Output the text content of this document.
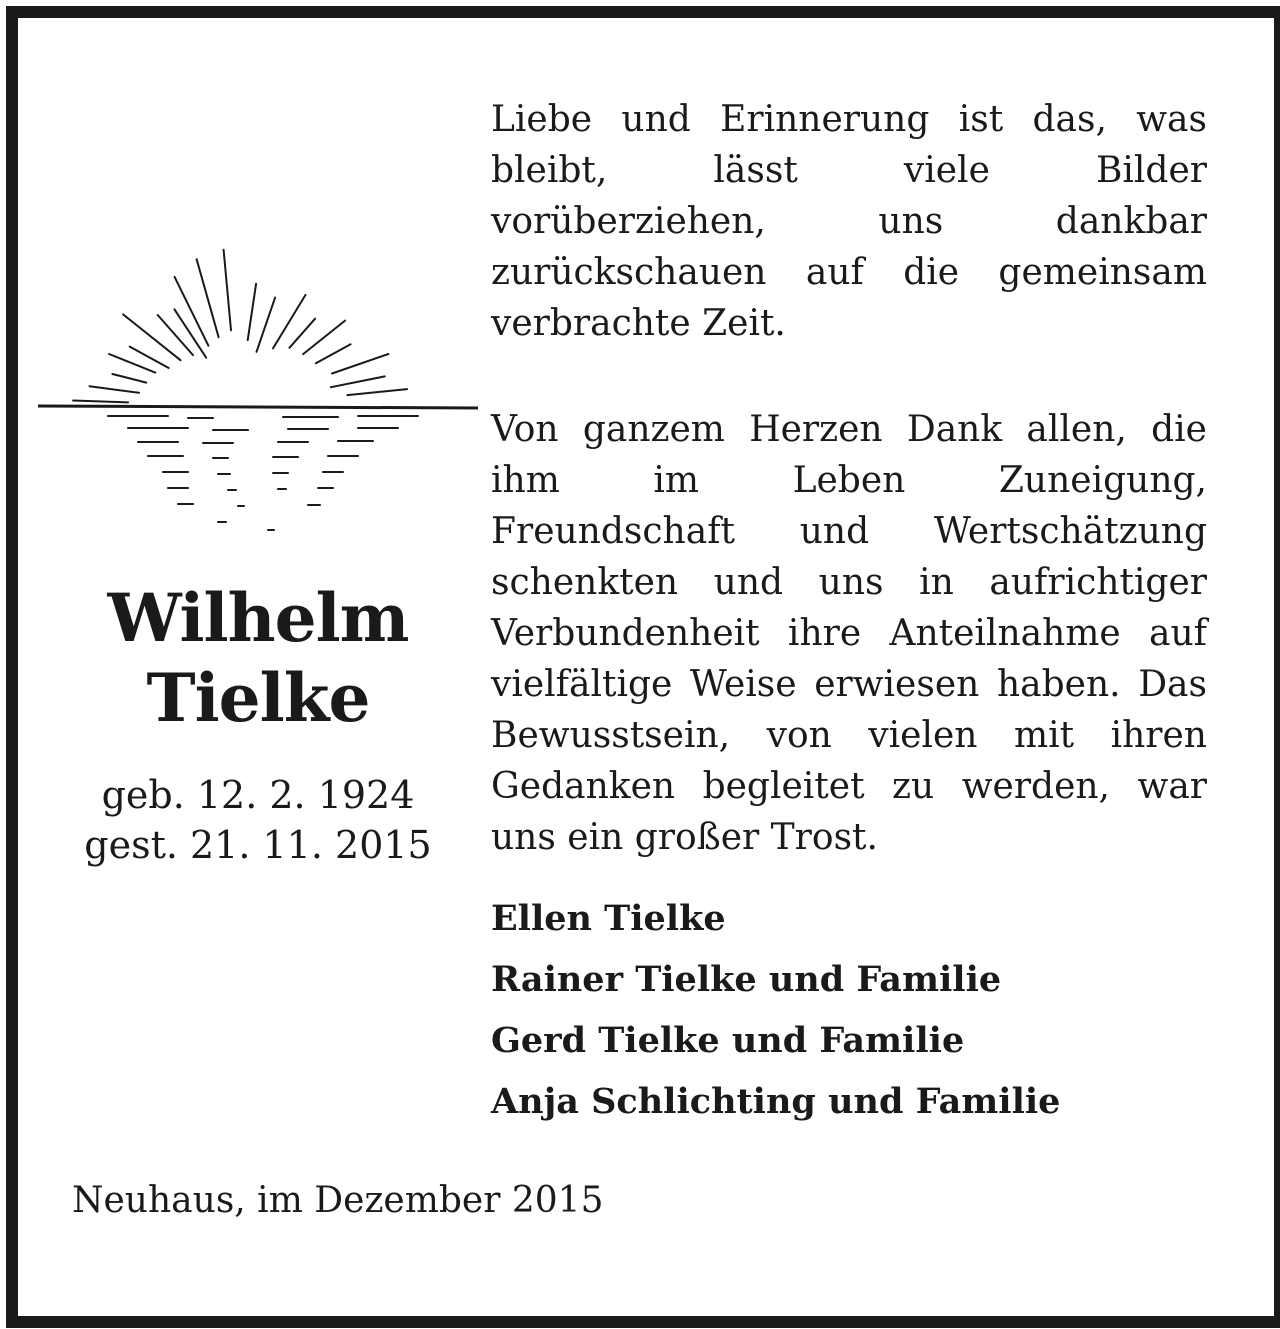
Wilhelm
Tielke
geb. 12. 2. 1924
gest. 21. 11. 2015

Liebe und Erinnerung ist das, was bleibt, lässt viele Bilder vorüberziehen, uns dankbar zurückschauen auf die gemeinsam verbrachte Zeit.

Von ganzem Herzen Dank allen, die ihm im Leben Zuneigung, Freundschaft und Wertschätzung schenkten und uns in aufrichtiger Verbundenheit ihre Anteilnahme auf vielfältige Weise erwiesen haben. Das Bewusstsein, von vielen mit ihren Gedanken begleitet zu werden, war uns ein großer Trost.

Ellen Tielke
Rainer Tielke und Familie
Gerd Tielke und Familie
Anja Schlichting und Familie
Neuhaus, im Dezember 2015
